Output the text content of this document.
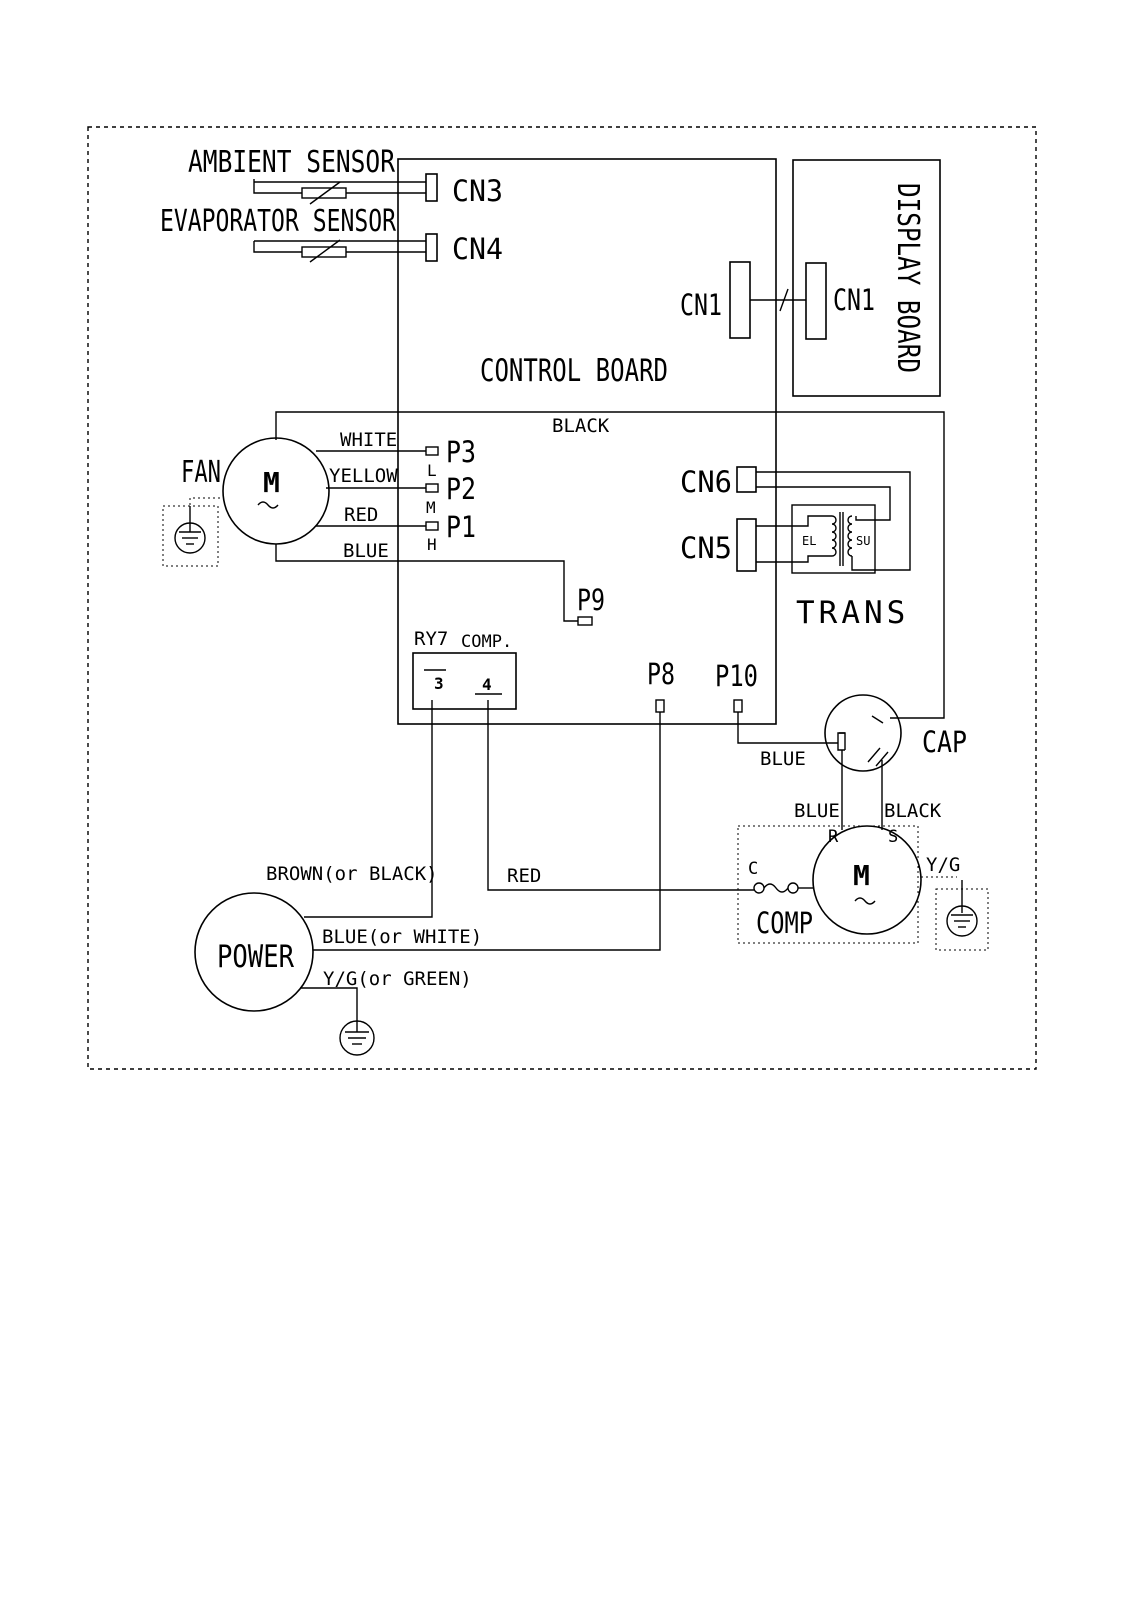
CONTROL BOARD	DISPLAY BOARD
CN1	CN1
AMBIENT SENSOR
CN3
EVAPORATOR SENSOR
CN4
BLACK
M
FAN
WHITE
YELLOW
RED
BLUE
P3
L
P2
M
P1
H
P9
CN6
CN5
TRANS
EL	SU
RY7 COMP.
3 4	P8 P10
CAP
BLUE
BLUE BLACK
M
R	S
C
COMP
Y/G
POWER
BROWN(or BLACK)	RED
BLUE(or WHITE)
Y/G(or GREEN)
